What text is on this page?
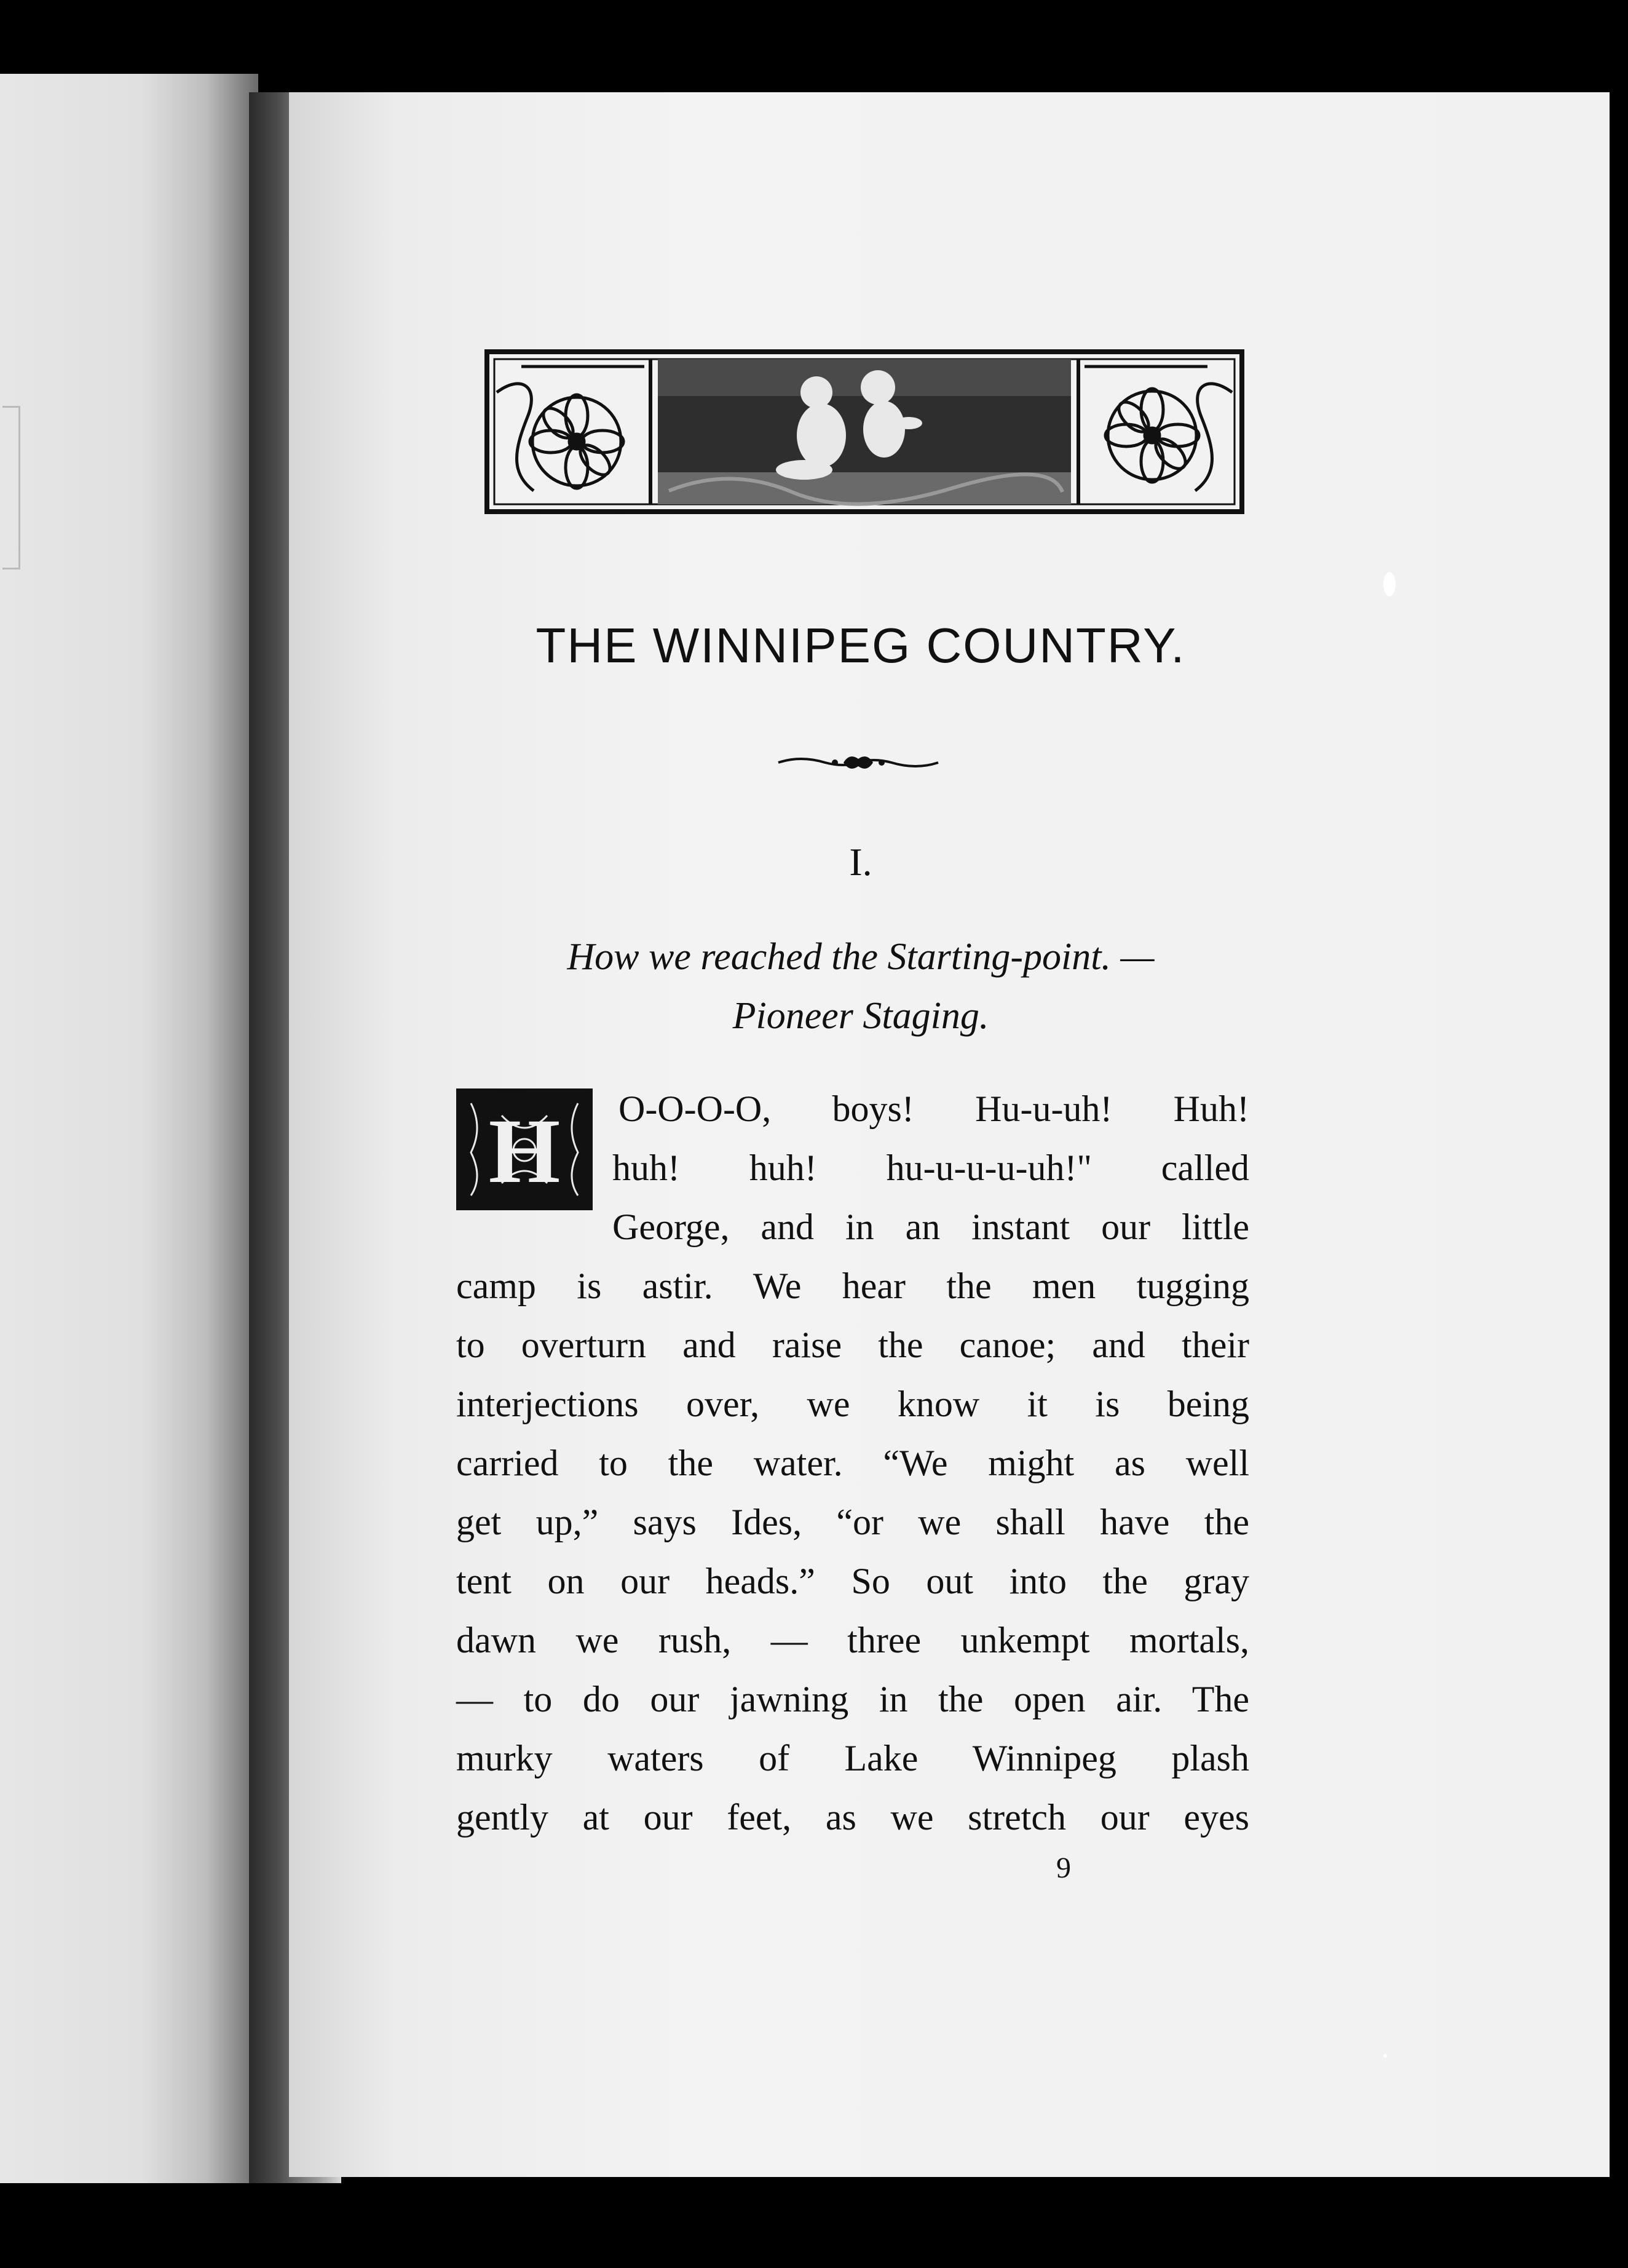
THE WINNIPEG COUNTRY.
I.
How we reached the Starting-point. —
Pioneer Staging.
H O-O-O-O, boys! Hu-u-uh! Huh!
huh! huh! hu-u-u-u-uh!" called
George, and in an instant our little
camp is astir. We hear the men tugging
to overturn and raise the canoe; and their
interjections over, we know it is being
carried to the water. “We might as well
get up,” says Ides, “or we shall have the
tent on our heads.” So out into the gray
dawn we rush, — three unkempt mortals,
— to do our jawning in the open air. The
murky waters of Lake Winnipeg plash
gently at our feet, as we stretch our eyes
9
